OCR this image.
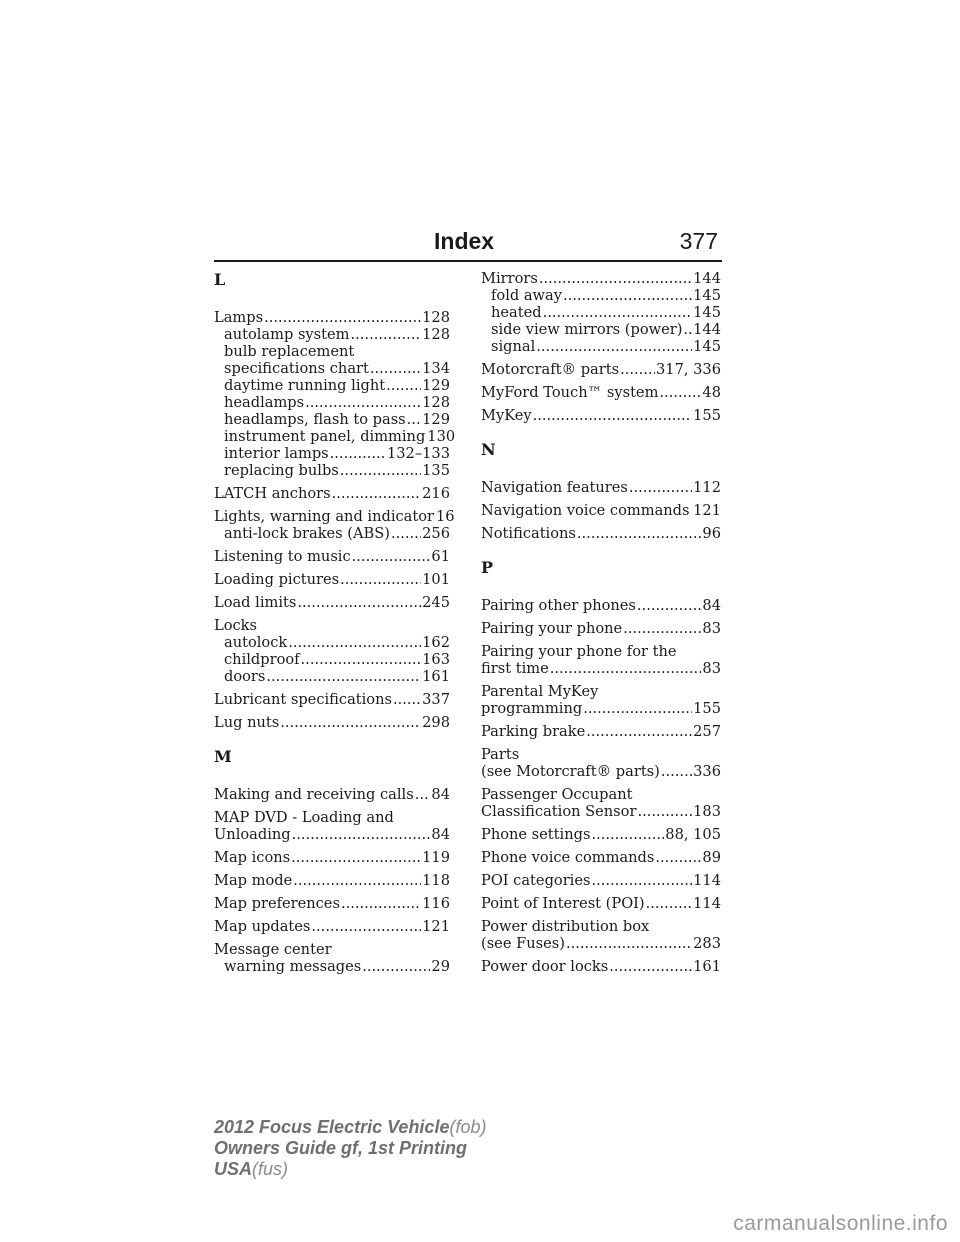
Index	377
L
Lamps .....	128
autolamp system .....	128
bulb replacement
specifications chart .....	134
daytime running light .....	129
headlamps .....	128
headlamps, flash to pass ..... 129
instrument panel, dimming 130
interior lamps .....	132–133
replacing bulbs .....	135
LATCH anchors .....	216
Lights, warning and indicator 16
anti-lock brakes (ABS) ..... 256
Listening to music .....	61
Loading pictures .....	101
Load limits .....	245
Locks
autolock .....	162
childproof .....	163
doors .....	161
Lubricant specifications ..... 337
Lug nuts .....	298
M
Making and receiving calls ..... 84
MAP DVD - Loading and
Unloading .....	84
Map icons .....	119
Map mode .....	118
Map preferences .....	116
Map updates .....	121
Message center
warning messages .....	29
Mirrors .....	144
fold away .....	145
heated .....	145
side view mirrors (power) ..... 144
signal .....	145
Motorcraft® parts .....	317, 336
MyFord Touch™ system .....	48
MyKey .....	155
N
Navigation features .....	112
Navigation voice commands ..... 121
Notifications .....	96
P
Pairing other phones .....	84
Pairing your phone .....	83
Pairing your phone for the
first time .....	83
Parental MyKey
programming .....	155
Parking brake .....	257
Parts
(see Motorcraft® parts) ..... 336
Passenger Occupant
Classification Sensor .....	183
Phone settings .....	88, 105
Phone voice commands .....	89
POI categories .....	114
Point of Interest (POI) .....	114
Power distribution box
(see Fuses) .....	283
Power door locks .....	161
2012 Focus Electric Vehicle(fob)
Owners Guide gf, 1st Printing
USA(fus)
carmanualsonline.info
